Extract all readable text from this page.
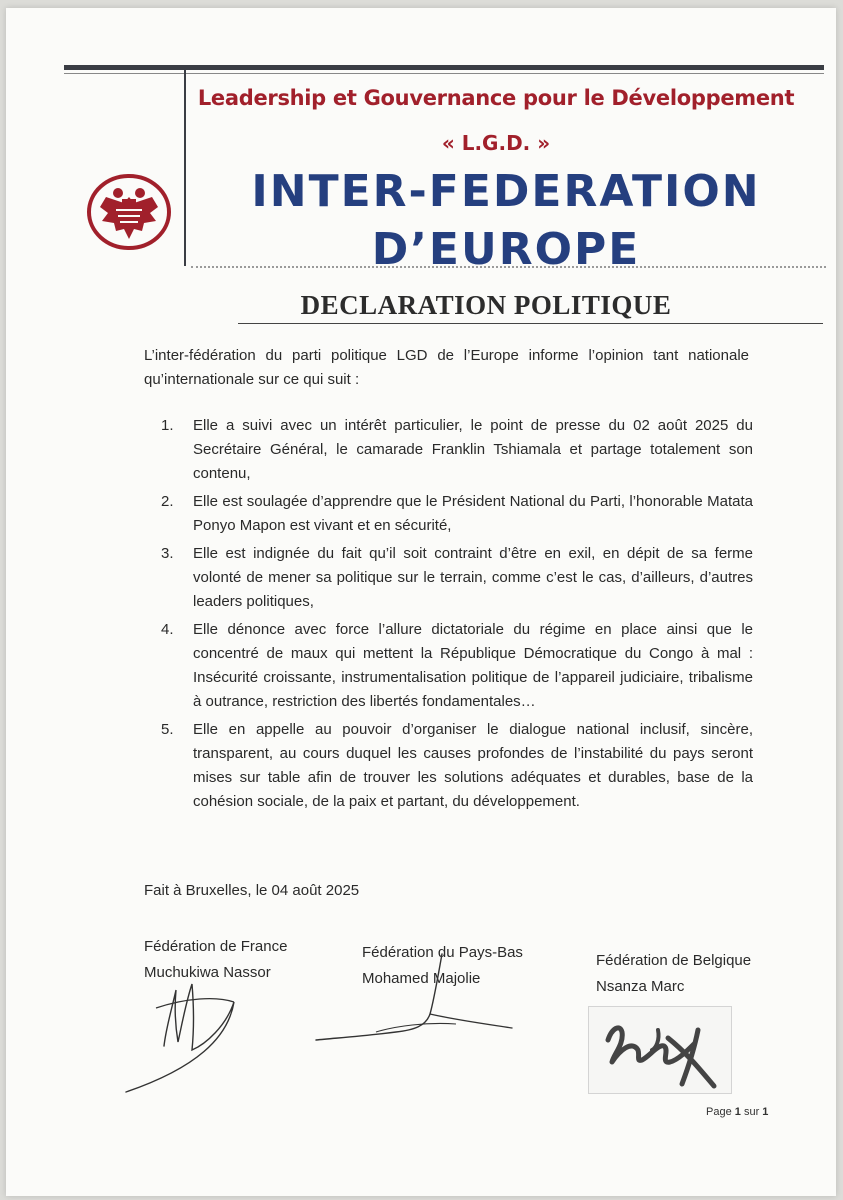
Leadership et Gouvernance pour le Développement
« L.G.D. »
INTER-FEDERATION
D’EUROPE
DECLARATION POLITIQUE
L’inter-fédération du parti politique LGD de l’Europe informe l’opinion tant nationale qu’internationale sur ce qui suit :
1. Elle a suivi avec un intérêt particulier, le point de presse du 02 août 2025 du Secrétaire Général, le camarade Franklin Tshiamala et partage totalement son contenu,
2. Elle est soulagée d’apprendre que le Président National du Parti, l’honorable Matata Ponyo Mapon est vivant et en sécurité,
3. Elle est indignée du fait qu’il soit contraint d’être en exil, en dépit de sa ferme volonté de mener sa politique sur le terrain, comme c’est le cas, d’ailleurs, d’autres leaders politiques,
4. Elle dénonce avec force l’allure dictatoriale du régime en place ainsi que le concentré de maux qui mettent la République Démocratique du Congo à mal : Insécurité croissante, instrumentalisation politique de l’appareil judiciaire, tribalisme à outrance, restriction des libertés fondamentales…
5. Elle en appelle au pouvoir d’organiser le dialogue national inclusif, sincère, transparent, au cours duquel les causes profondes de l’instabilité du pays seront mises sur table afin de trouver les solutions adéquates et durables, base de la cohésion sociale, de la paix et partant, du développement.
Fait à Bruxelles, le 04 août 2025
Fédération de France
Muchukiwa Nassor
Fédération du Pays-Bas
Mohamed Majolie
Fédération de Belgique
Nsanza Marc
Page 1 sur 1
